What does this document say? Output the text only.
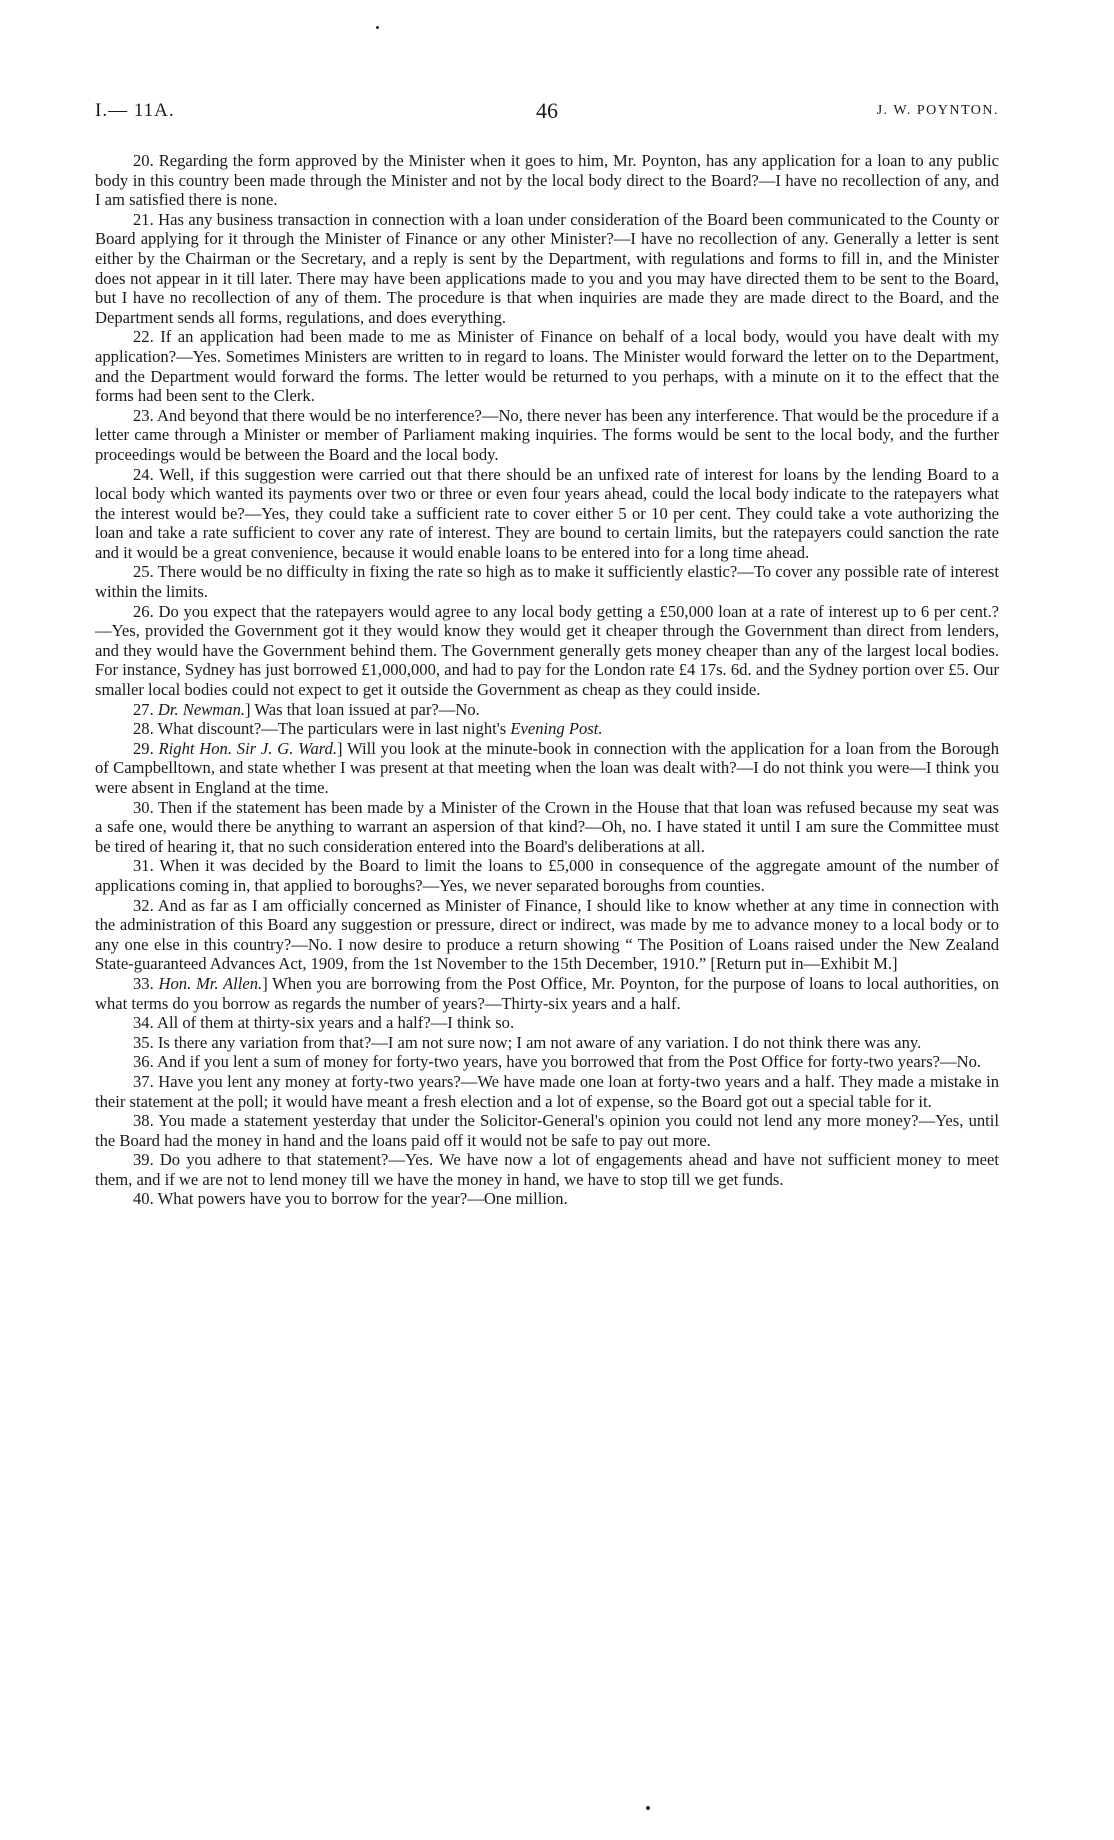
I.— 11A.	46	J. W. POYNTON.

20. Regarding the form approved by the Minister when it goes to him, Mr. Poynton, has any application for a loan to any public body in this country been made through the Minister and not by the local body direct to the Board?—I have no recollection of any, and I am satisfied there is none.

21. Has any business transaction in connection with a loan under consideration of the Board been communicated to the County or Board applying for it through the Minister of Finance or any other Minister?—I have no recollection of any. Generally a letter is sent either by the Chairman or the Secretary, and a reply is sent by the Department, with regulations and forms to fill in, and the Minister does not appear in it till later. There may have been applications made to you and you may have directed them to be sent to the Board, but I have no recollection of any of them. The procedure is that when inquiries are made they are made direct to the Board, and the Department sends all forms, regulations, and does everything.

22. If an application had been made to me as Minister of Finance on behalf of a local body, would you have dealt with my application?—Yes. Sometimes Ministers are written to in regard to loans. The Minister would forward the letter on to the Department, and the Department would forward the forms. The letter would be returned to you perhaps, with a minute on it to the effect that the forms had been sent to the Clerk.

23. And beyond that there would be no interference?—No, there never has been any interference. That would be the procedure if a letter came through a Minister or member of Parliament making inquiries. The forms would be sent to the local body, and the further proceedings would be between the Board and the local body.

24. Well, if this suggestion were carried out that there should be an unfixed rate of interest for loans by the lending Board to a local body which wanted its payments over two or three or even four years ahead, could the local body indicate to the ratepayers what the interest would be?—Yes, they could take a sufficient rate to cover either 5 or 10 per cent. They could take a vote authorizing the loan and take a rate sufficient to cover any rate of interest. They are bound to certain limits, but the ratepayers could sanction the rate and it would be a great convenience, because it would enable loans to be entered into for a long time ahead.

25. There would be no difficulty in fixing the rate so high as to make it sufficiently elastic?—To cover any possible rate of interest within the limits.

26. Do you expect that the ratepayers would agree to any local body getting a £50,000 loan at a rate of interest up to 6 per cent.?—Yes, provided the Government got it they would know they would get it cheaper through the Government than direct from lenders, and they would have the Government behind them. The Government generally gets money cheaper than any of the largest local bodies. For instance, Sydney has just borrowed £1,000,000, and had to pay for the London rate £4 17s. 6d. and the Sydney portion over £5. Our smaller local bodies could not expect to get it outside the Government as cheap as they could inside.

27. Dr. Newman.] Was that loan issued at par?—No.

28. What discount?—The particulars were in last night's Evening Post.

29. Right Hon. Sir J. G. Ward.] Will you look at the minute-book in connection with the application for a loan from the Borough of Campbelltown, and state whether I was present at that meeting when the loan was dealt with?—I do not think you were—I think you were absent in England at the time.

30. Then if the statement has been made by a Minister of the Crown in the House that that loan was refused because my seat was a safe one, would there be anything to warrant an aspersion of that kind?—Oh, no. I have stated it until I am sure the Committee must be tired of hearing it, that no such consideration entered into the Board's deliberations at all.

31. When it was decided by the Board to limit the loans to £5,000 in consequence of the aggregate amount of the number of applications coming in, that applied to boroughs?—Yes, we never separated boroughs from counties.

32. And as far as I am officially concerned as Minister of Finance, I should like to know whether at any time in connection with the administration of this Board any suggestion or pressure, direct or indirect, was made by me to advance money to a local body or to any one else in this country?—No. I now desire to produce a return showing “ The Position of Loans raised under the New Zealand State-guaranteed Advances Act, 1909, from the 1st November to the 15th December, 1910.” [Return put in—Exhibit M.]

33. Hon. Mr. Allen.] When you are borrowing from the Post Office, Mr. Poynton, for the purpose of loans to local authorities, on what terms do you borrow as regards the number of years?—Thirty-six years and a half.

34. All of them at thirty-six years and a half?—I think so.

35. Is there any variation from that?—I am not sure now; I am not aware of any variation. I do not think there was any.

36. And if you lent a sum of money for forty-two years, have you borrowed that from the Post Office for forty-two years?—No.

37. Have you lent any money at forty-two years?—We have made one loan at forty-two years and a half. They made a mistake in their statement at the poll; it would have meant a fresh election and a lot of expense, so the Board got out a special table for it.

38. You made a statement yesterday that under the Solicitor-General's opinion you could not lend any more money?—Yes, until the Board had the money in hand and the loans paid off it would not be safe to pay out more.

39. Do you adhere to that statement?—Yes. We have now a lot of engagements ahead and have not sufficient money to meet them, and if we are not to lend money till we have the money in hand, we have to stop till we get funds.

40. What powers have you to borrow for the year?—One million.
